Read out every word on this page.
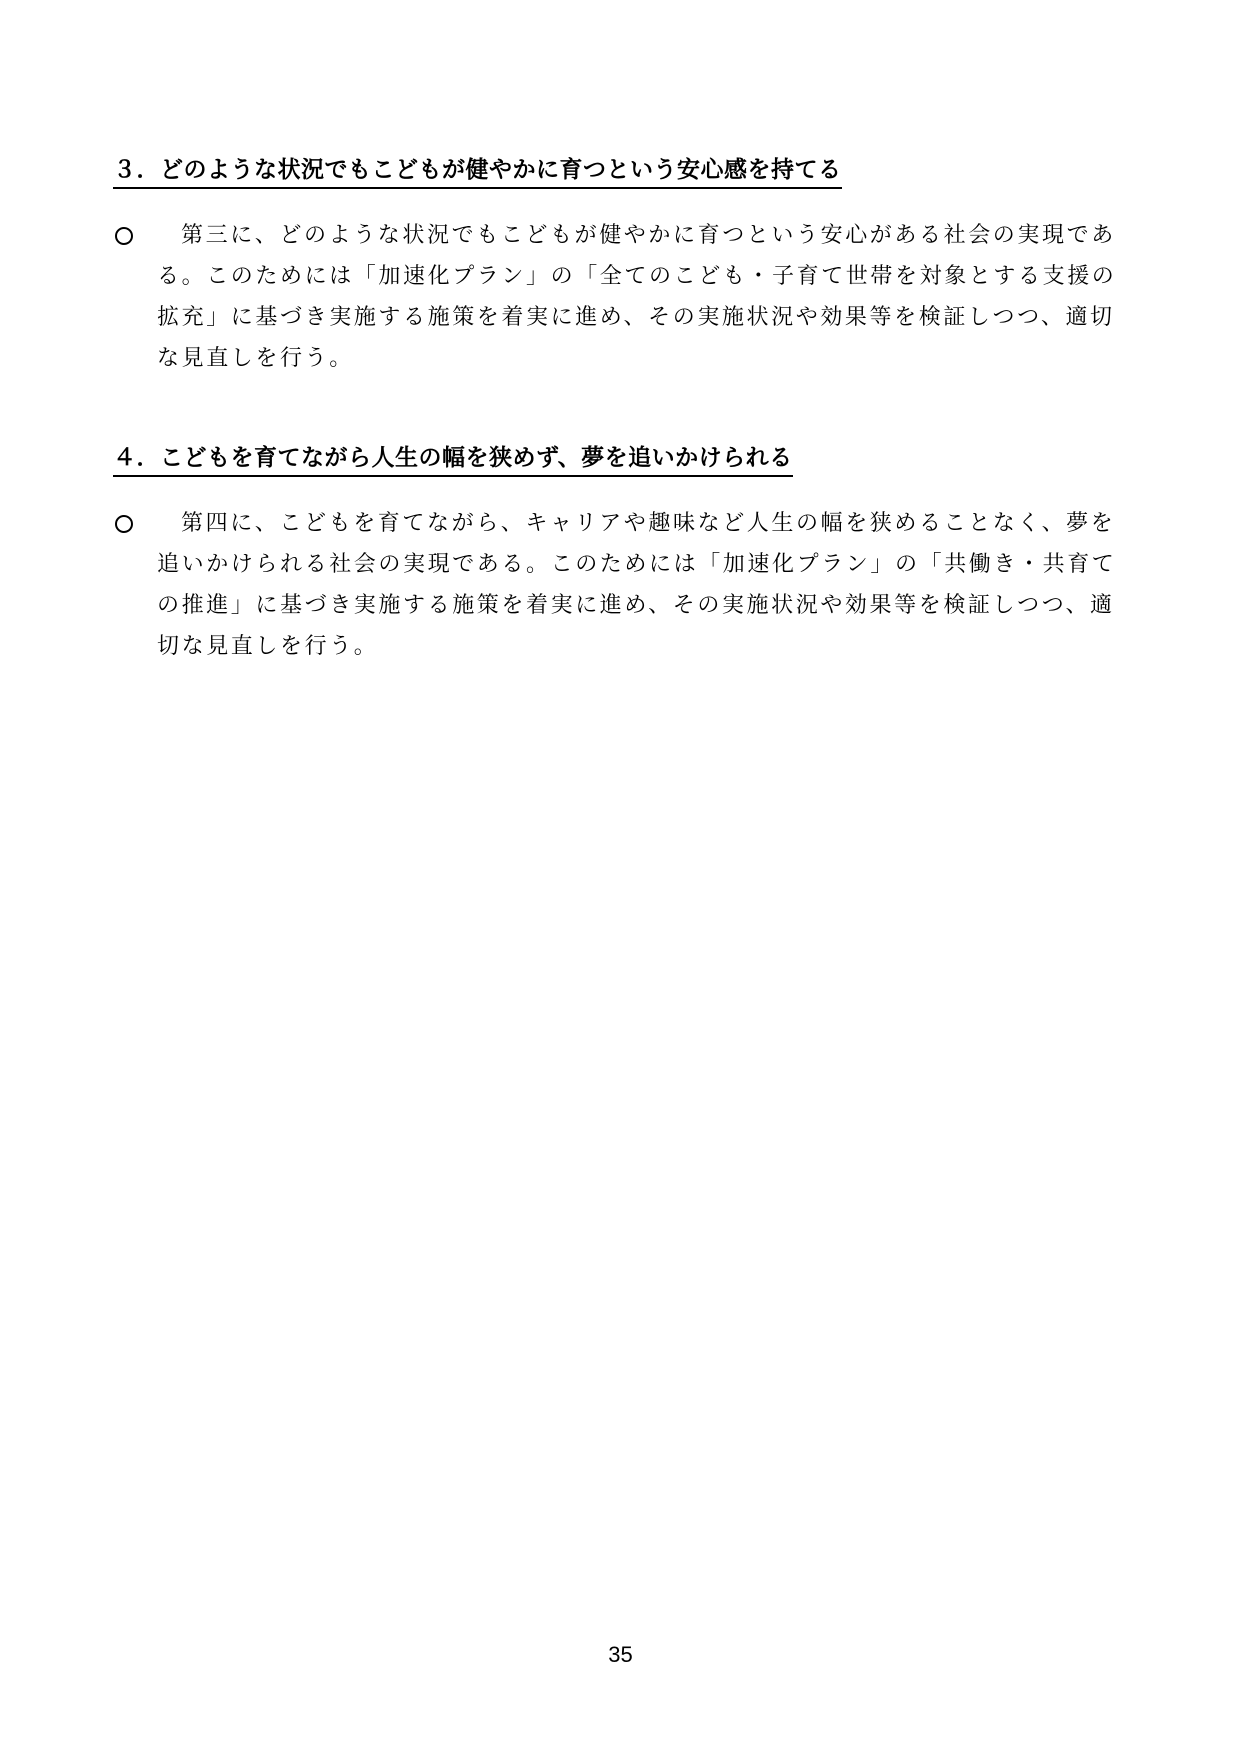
３．どのような状況でもこどもが健やかに育つという安心感を持てる
第三に、どのような状況でもこどもが健やかに育つという安心がある社会の実現であ
る。このためには「加速化プラン」の「全てのこども・子育て世帯を対象とする支援の
拡充」に基づき実施する施策を着実に進め、その実施状況や効果等を検証しつつ、適切
な見直しを行う。
４．こどもを育てながら人生の幅を狭めず、夢を追いかけられる
第四に、こどもを育てながら、キャリアや趣味など人生の幅を狭めることなく、夢を
追いかけられる社会の実現である。このためには「加速化プラン」の「共働き・共育て
の推進」に基づき実施する施策を着実に進め、その実施状況や効果等を検証しつつ、適
切な見直しを行う。
35
